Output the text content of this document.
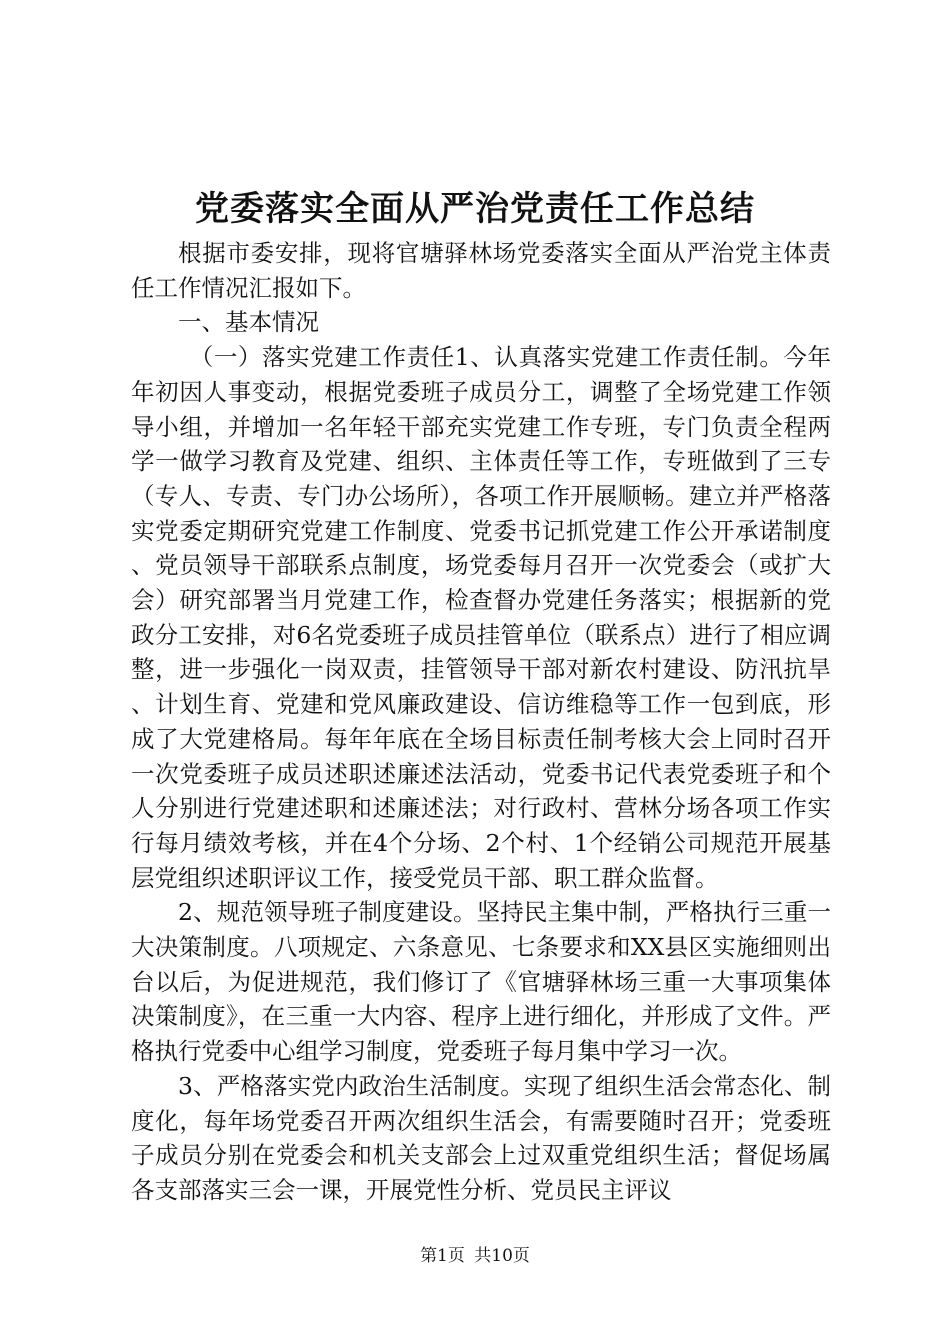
党委落实全面从严治党责任工作总结

根据市委安排，现将官塘驿林场党委落实全面从严治党主体责任工作情况汇报如下。

一、基本情况

（一）落实党建工作责任1、认真落实党建工作责任制。今年年初因人事变动，根据党委班子成员分工，调整了全场党建工作领导小组，并增加一名年轻干部充实党建工作专班，专门负责全程两学一做学习教育及党建、组织、主体责任等工作，专班做到了三专（专人、专责、专门办公场所），各项工作开展顺畅。建立并严格落实党委定期研究党建工作制度、党委书记抓党建工作公开承诺制度、党员领导干部联系点制度，场党委每月召开一次党委会（或扩大会）研究部署当月党建工作，检查督办党建任务落实；根据新的党政分工安排，对6名党委班子成员挂管单位（联系点）进行了相应调整，进一步强化一岗双责，挂管领导干部对新农村建设、防汛抗旱、计划生育、党建和党风廉政建设、信访维稳等工作一包到底，形成了大党建格局。每年年底在全场目标责任制考核大会上同时召开一次党委班子成员述职述廉述法活动，党委书记代表党委班子和个人分别进行党建述职和述廉述法；对行政村、营林分场各项工作实行每月绩效考核，并在4个分场、2个村、1个经销公司规范开展基层党组织述职评议工作，接受党员干部、职工群众监督。

2、规范领导班子制度建设。坚持民主集中制，严格执行三重一大决策制度。八项规定、六条意见、七条要求和XX县区实施细则出台以后，为促进规范，我们修订了《官塘驿林场三重一大事项集体决策制度》，在三重一大内容、程序上进行细化，并形成了文件。严格执行党委中心组学习制度，党委班子每月集中学习一次。

3、严格落实党内政治生活制度。实现了组织生活会常态化、制度化，每年场党委召开两次组织生活会，有需要随时召开；党委班子成员分别在党委会和机关支部会上过双重党组织生活；督促场属各支部落实三会一课，开展党性分析、党员民主评议

第1页 共10页
